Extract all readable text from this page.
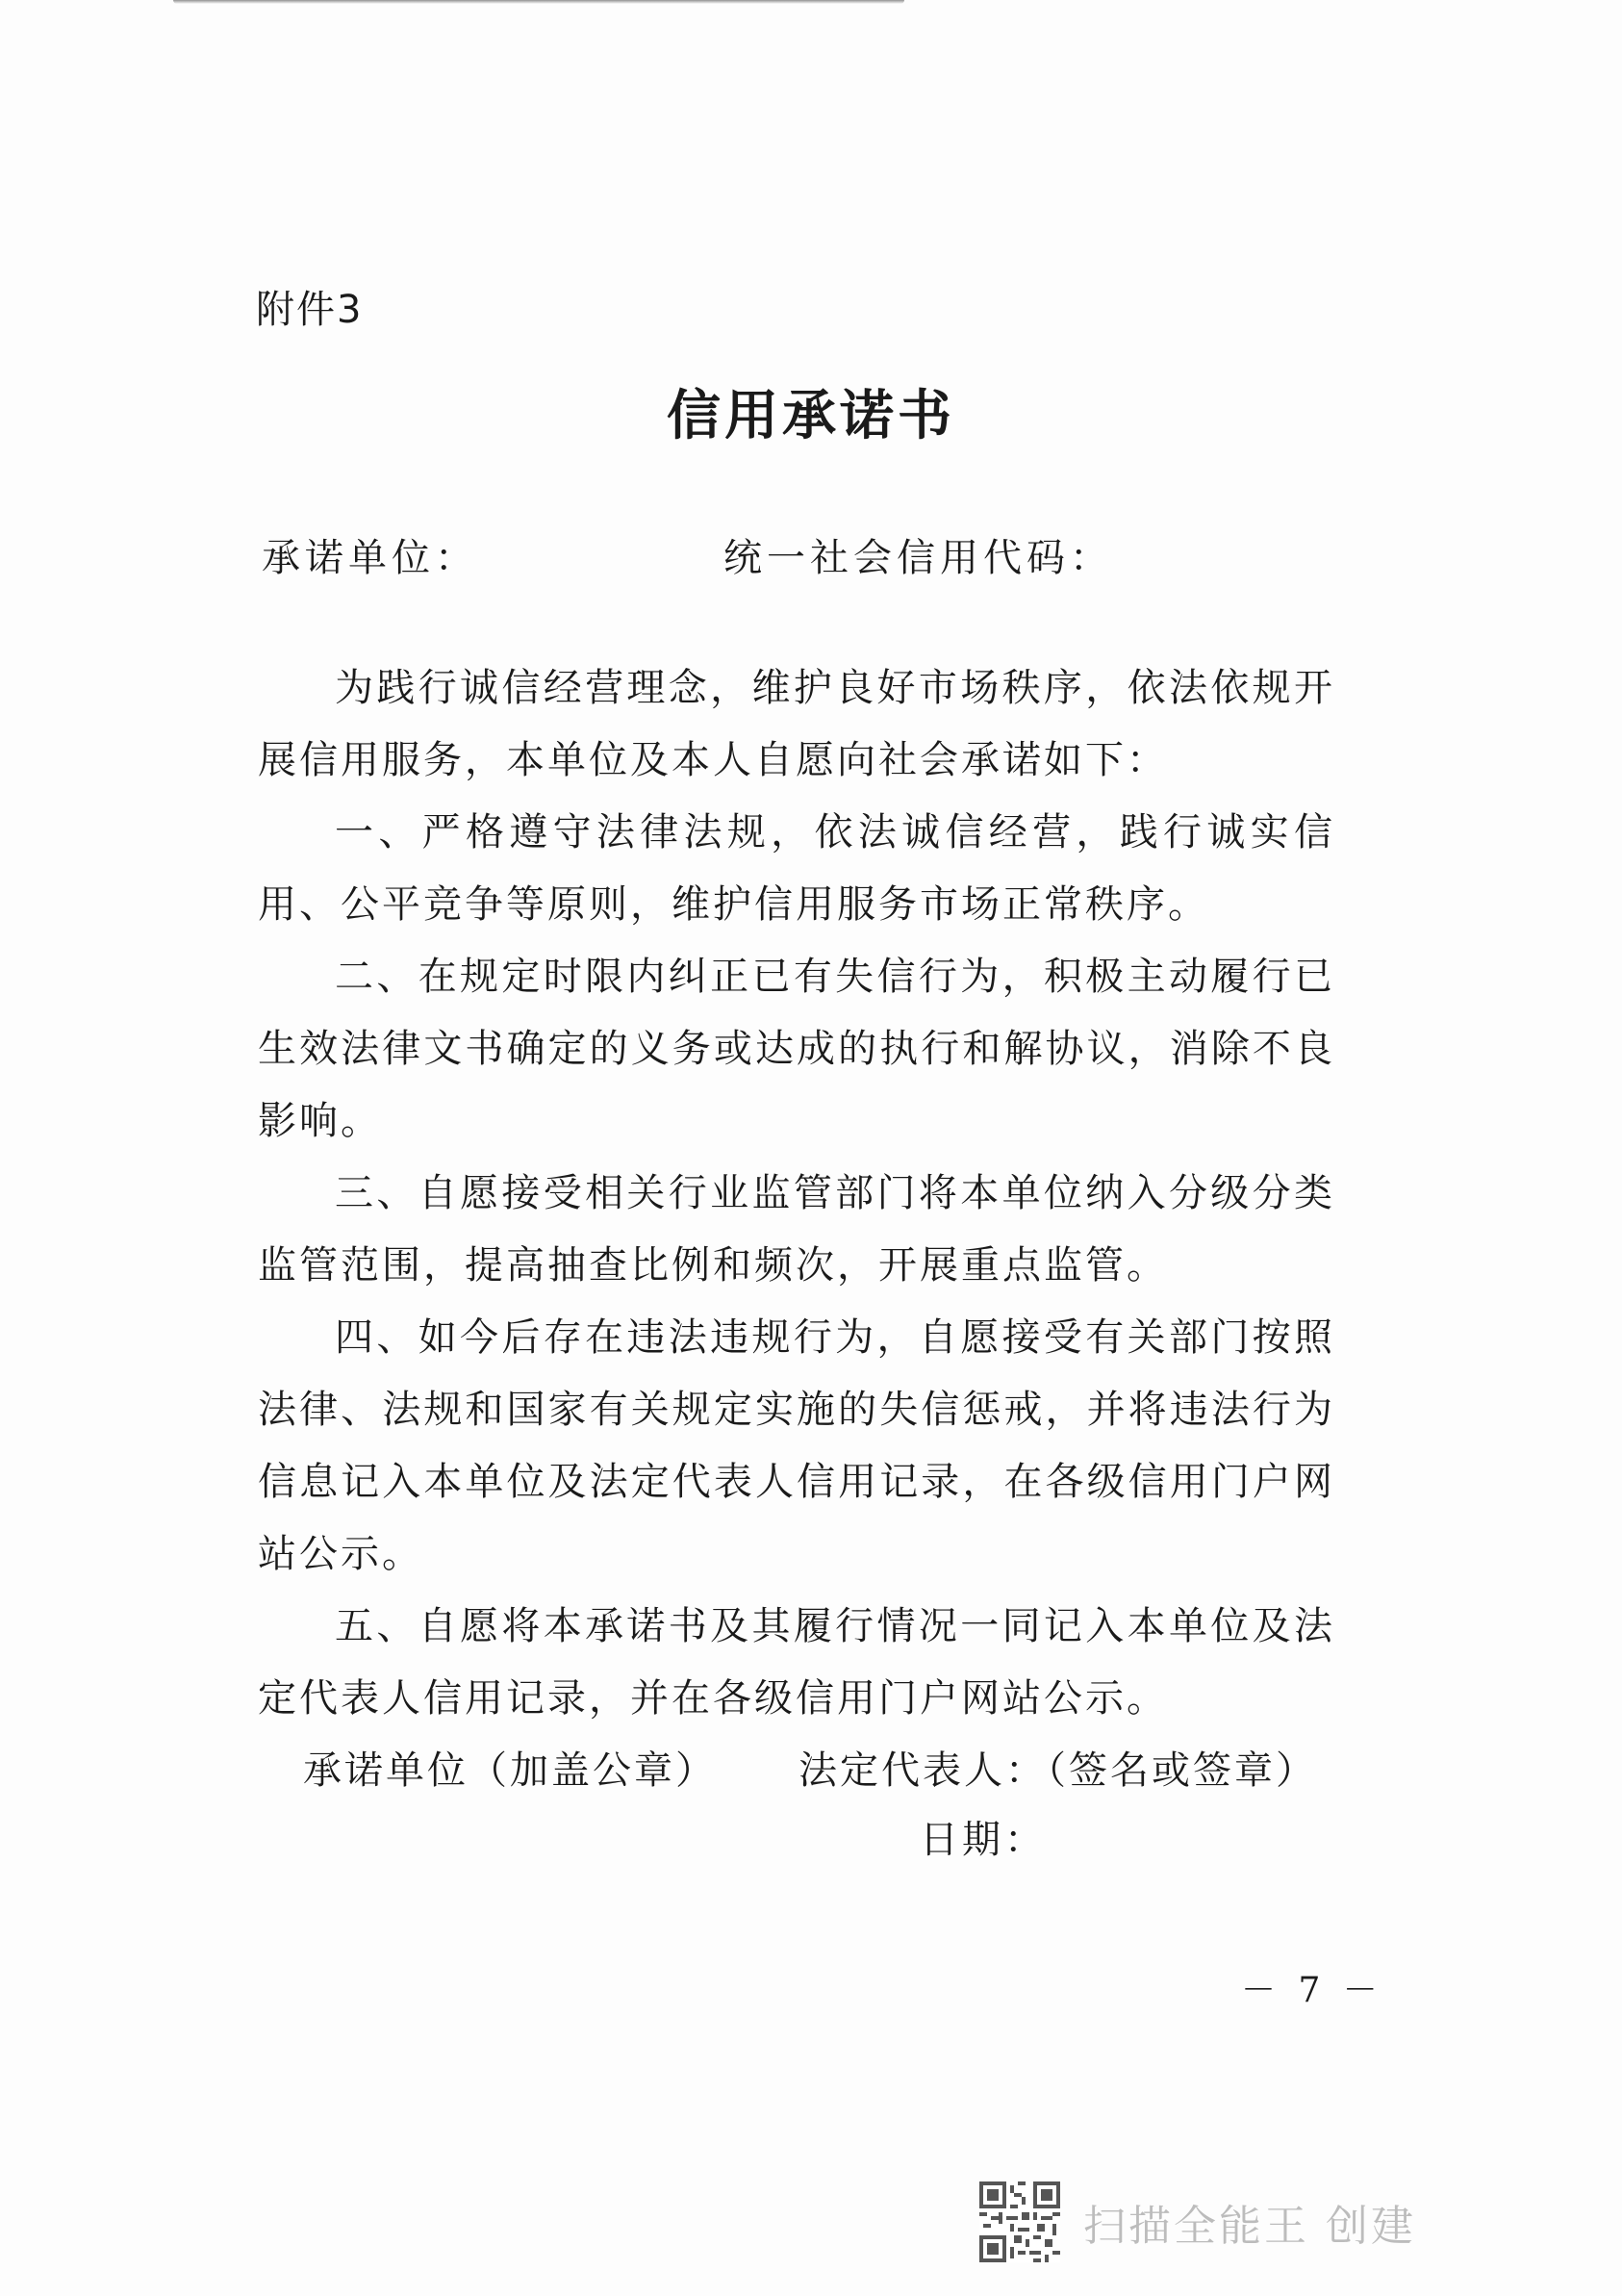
附件3
信用承诺书
承诺单位：	统一社会信用代码：

为践行诚信经营理念，维护良好市场秩序，依法依规开展信用服务，本单位及本人自愿向社会承诺如下：

一、严格遵守法律法规，依法诚信经营，践行诚实信用、公平竞争等原则，维护信用服务市场正常秩序。

二、在规定时限内纠正已有失信行为，积极主动履行已生效法律文书确定的义务或达成的执行和解协议，消除不良影响。

三、自愿接受相关行业监管部门将本单位纳入分级分类监管范围，提高抽查比例和频次，开展重点监管。

四、如今后存在违法违规行为，自愿接受有关部门按照法律、法规和国家有关规定实施的失信惩戒，并将违法行为信息记入本单位及法定代表人信用记录，在各级信用门户网站公示。

五、自愿将本承诺书及其履行情况一同记入本单位及法定代表人信用记录，并在各级信用门户网站公示。

承诺单位（加盖公章） 法定代表人：（签名或签章）
日期：
－ 7 －
扫描全能王 创建
